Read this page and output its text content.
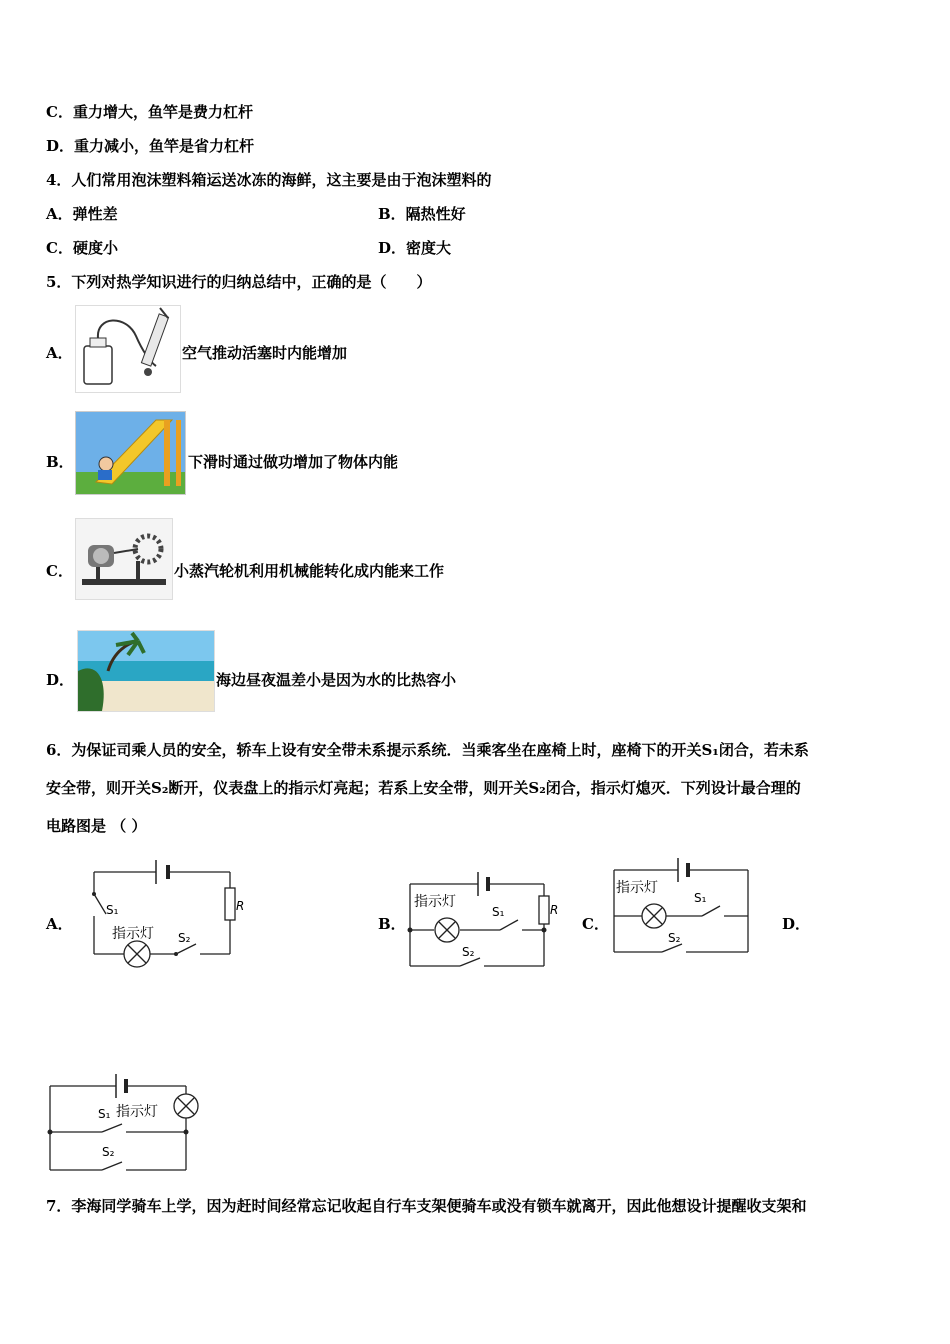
C．重力增大，鱼竿是费力杠杆
D．重力减小，鱼竿是省力杠杆
4．人们常用泡沫塑料箱运送冰冻的海鲜，这主要是由于泡沫塑料的
A．弹性差	B．隔热性好
C．硬度小	D．密度大
5．下列对热学知识进行的归纳总结中，正确的是（　　）
A．	空气推动活塞时内能增加
B．	下滑时通过做功增加了物体内能
C．	小蒸汽轮机利用机械能转化成内能来工作
D．	海边昼夜温差小是因为水的比热容小
6．为保证司乘人员的安全，轿车上设有安全带未系提示系统．当乘客坐在座椅上时，座椅下的开关S₁闭合，若未系
安全带，则开关S₂断开，仪表盘上的指示灯亮起；若系上安全带，则开关S₂闭合，指示灯熄灭．下列设计最合理的
电路图是 （ ）
A．	B．	C．	D．
R
S₁
指示灯 S₂
R
指示灯
S₁
S₂
指示灯
S₁
S₂
S₁ 指示灯
S₂
7．李海同学骑车上学，因为赶时间经常忘记收起自行车支架便骑车或没有锁车就离开，因此他想设计提醒收支架和
